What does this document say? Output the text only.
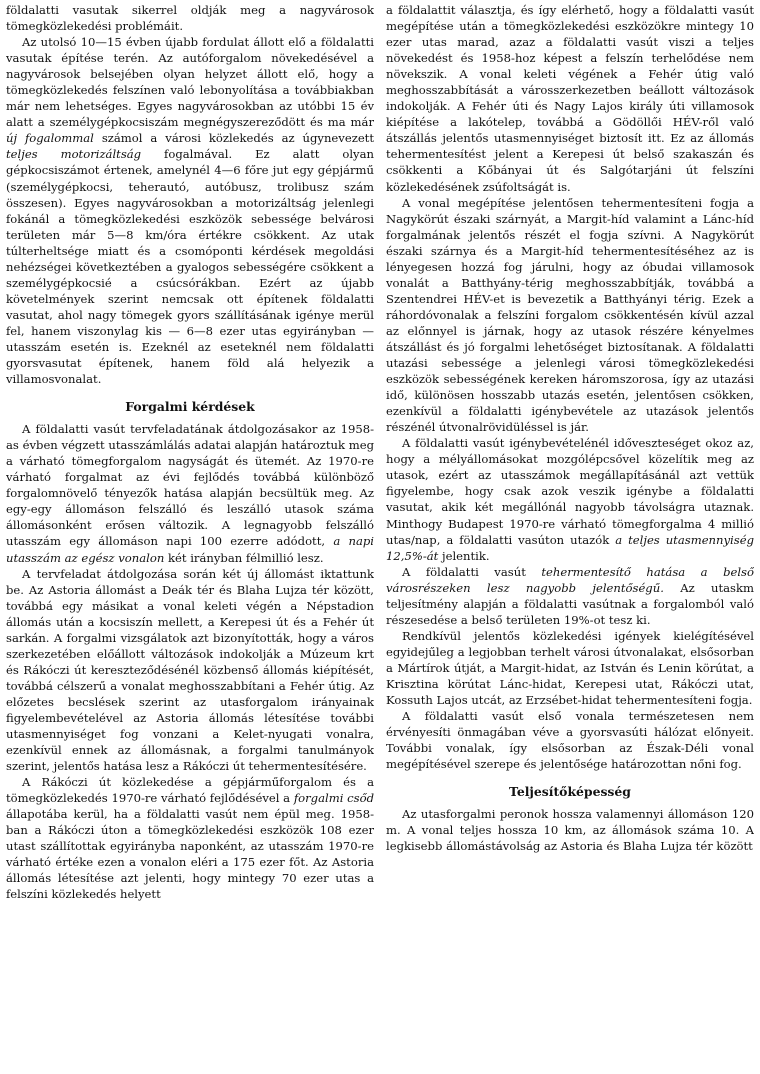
földalatti vasutak sikerrel oldják meg a nagyvárosok tömegközlekedési problémáit.

Az utolsó 10—15 évben újabb fordulat állott elő a földalatti vasutak építése terén. Az autóforgalom növekedésével a nagyvárosok belsejében olyan helyzet állott elő, hogy a tömegközlekedés felszínen való lebonyolítása a továbbiakban már nem lehetséges. Egyes nagyvárosokban az utóbbi 15 év alatt a személygépkocsiszám megnégyszereződött és ma már új fogalommal számol a városi közlekedés az úgynevezett teljes motorizáltság fogalmával. Ez alatt olyan gépkocsiszámot értenek, amelynél 4—6 főre jut egy gépjármű (személygépkocsi, teherautó, autóbusz, trolibusz szám összesen). Egyes nagyvárosokban a motorizáltság jelenlegi fokánál a tömegközlekedési eszközök sebessége belvárosi területen már 5—8 km/óra értékre csökkent. Az utak túlterheltsége miatt és a csomóponti kérdések megoldási nehézségei következtében a gyalogos sebességére csökkent a személygépkocsié a csúcsórákban. Ezért az újabb követelmények szerint nemcsak ott építenek földalatti vasutat, ahol nagy tömegek gyors szállításának igénye merül fel, hanem viszonylag kis — 6—8 ezer utas egyirányban — utasszám esetén is. Ezeknél az eseteknél nem földalatti gyorsvasutat építenek, hanem föld alá helyezik a villamosvonalat.

Forgalmi kérdések

A földalatti vasút tervfeladatának átdolgozásakor az 1958-as évben végzett utasszámlálás adatai alapján határoztuk meg a várható tömegforgalom nagyságát és ütemét. Az 1970-re várható forgalmat az évi fejlődés továbbá különböző forgalomnövelő tényezők hatása alapján becsültük meg. Az egy-egy állomáson felszálló és leszálló utasok száma állomásonként erősen változik. A legnagyobb felszálló utasszám egy állomáson napi 100 ezerre adódott, a napi utasszám az egész vonalon két irányban félmillió lesz.

A tervfeladat átdolgozása során két új állomást iktattunk be. Az Astoria állomást a Deák tér és Blaha Lujza tér között, továbbá egy másikat a vonal keleti végén a Népstadion állomás után a kocsiszín mellett, a Kerepesi út és a Fehér út sarkán. A forgalmi vizsgálatok azt bizonyították, hogy a város szerkezetében előállott változások indokolják a Múzeum krt és Rákóczi út kereszteződésénél közbenső állomás kiépítését, továbbá célszerű a vonalat meghosszabbítani a Fehér útig. Az előzetes becslések szerint az utasforgalom irányainak figyelembevételével az Astoria állomás létesítése további utasmennyiséget fog vonzani a Kelet-nyugati vonalra, ezenkívül ennek az állomásnak, a forgalmi tanulmányok szerint, jelentős hatása lesz a Rákóczi út tehermentesítésére.

A Rákóczi út közlekedése a gépjárműforgalom és a tömegközlekedés 1970-re várható fejlődésével a forgalmi csőd állapotába kerül, ha a földalatti vasút nem épül meg. 1958-ban a Rákóczi úton a tömegközlekedési eszközök 108 ezer utast szállítottak egyirányba naponként, az utasszám 1970-re várható értéke ezen a vonalon eléri a 175 ezer főt. Az Astoria állomás létesítése azt jelenti, hogy mintegy 70 ezer utas a felszíni közlekedés helyett

a földalattit választja, és így elérhető, hogy a földalatti vasút megépítése után a tömegközlekedési eszközökre mintegy 10 ezer utas marad, azaz a földalatti vasút viszi a teljes növekedést és 1958-hoz képest a felszín terhelődése nem növekszik. A vonal keleti végének a Fehér útig való meghosszabbítását a városszerkezetben beállott változások indokolják. A Fehér úti és Nagy Lajos király úti villamosok kiépítése a lakótelep, továbbá a Gödöllői HÉV-ről való átszállás jelentős utasmennyiséget biztosít itt. Ez az állomás tehermentesítést jelent a Kerepesi út belső szakaszán és csökkenti a Kőbányai út és Salgótarjáni út felszíni közlekedésének zsúfoltságát is.

A vonal megépítése jelentősen tehermentesíteni fogja a Nagykörút északi szárnyát, a Margit-híd valamint a Lánc-híd forgalmának jelentős részét el fogja szívni. A Nagykörút északi szárnya és a Margit-híd tehermentesítéséhez az is lényegesen hozzá fog járulni, hogy az óbudai villamosok vonalát a Batthyány-térig meghosszabbítják, továbbá a Szentendrei HÉV-et is bevezetik a Batthyányi térig. Ezek a ráhordóvonalak a felszíni forgalom csökkentésén kívül azzal az előnnyel is járnak, hogy az utasok részére kényelmes átszállást és jó forgalmi lehetőséget biztosítanak. A földalatti utazási sebessége a jelenlegi városi tömegközlekedési eszközök sebességének kereken háromszorosa, így az utazási idő, különösen hosszabb utazás esetén, jelentősen csökken, ezenkívül a földalatti igénybevétele az utazások jelentős részénél útvonalrövidüléssel is jár.

A földalatti vasút igénybevételénél időveszteséget okoz az, hogy a mélyállomásokat mozgólépcsővel közelítik meg az utasok, ezért az utasszámok megállapításánál azt vettük figyelembe, hogy csak azok veszik igénybe a földalatti vasutat, akik két megállónál nagyobb távolságra utaznak. Minthogy Budapest 1970-re várható tömegforgalma 4 millió utas/nap, a földalatti vasúton utazók a teljes utasmennyiség 12,5%-át jelentik.

A földalatti vasút tehermentesítő hatása a belső városrészeken lesz nagyobb jelentőségű. Az utaskm teljesítmény alapján a földalatti vasútnak a forgalomból való részesedése a belső területen 19%-ot tesz ki.

Rendkívül jelentős közlekedési igények kielégítésével egyidejűleg a legjobban terhelt városi útvonalakat, elsősorban a Mártírok útját, a Margit-hidat, az István és Lenin körútat, a Krisztina körútat Lánc-hidat, Kerepesi utat, Rákóczi utat, Kossuth Lajos utcát, az Erzsébet-hidat tehermentesíteni fogja.

A földalatti vasút első vonala természetesen nem érvényesíti önmagában véve a gyorsvasúti hálózat előnyeit. További vonalak, így elsősorban az Észak-Déli vonal megépítésével szerepe és jelentősége határozottan nőni fog.

Teljesítőképesség

Az utasforgalmi peronok hossza valamennyi állomáson 120 m. A vonal teljes hossza 10 km, az állomások száma 10. A legkisebb állomástávolság az Astoria és Blaha Lujza tér között
